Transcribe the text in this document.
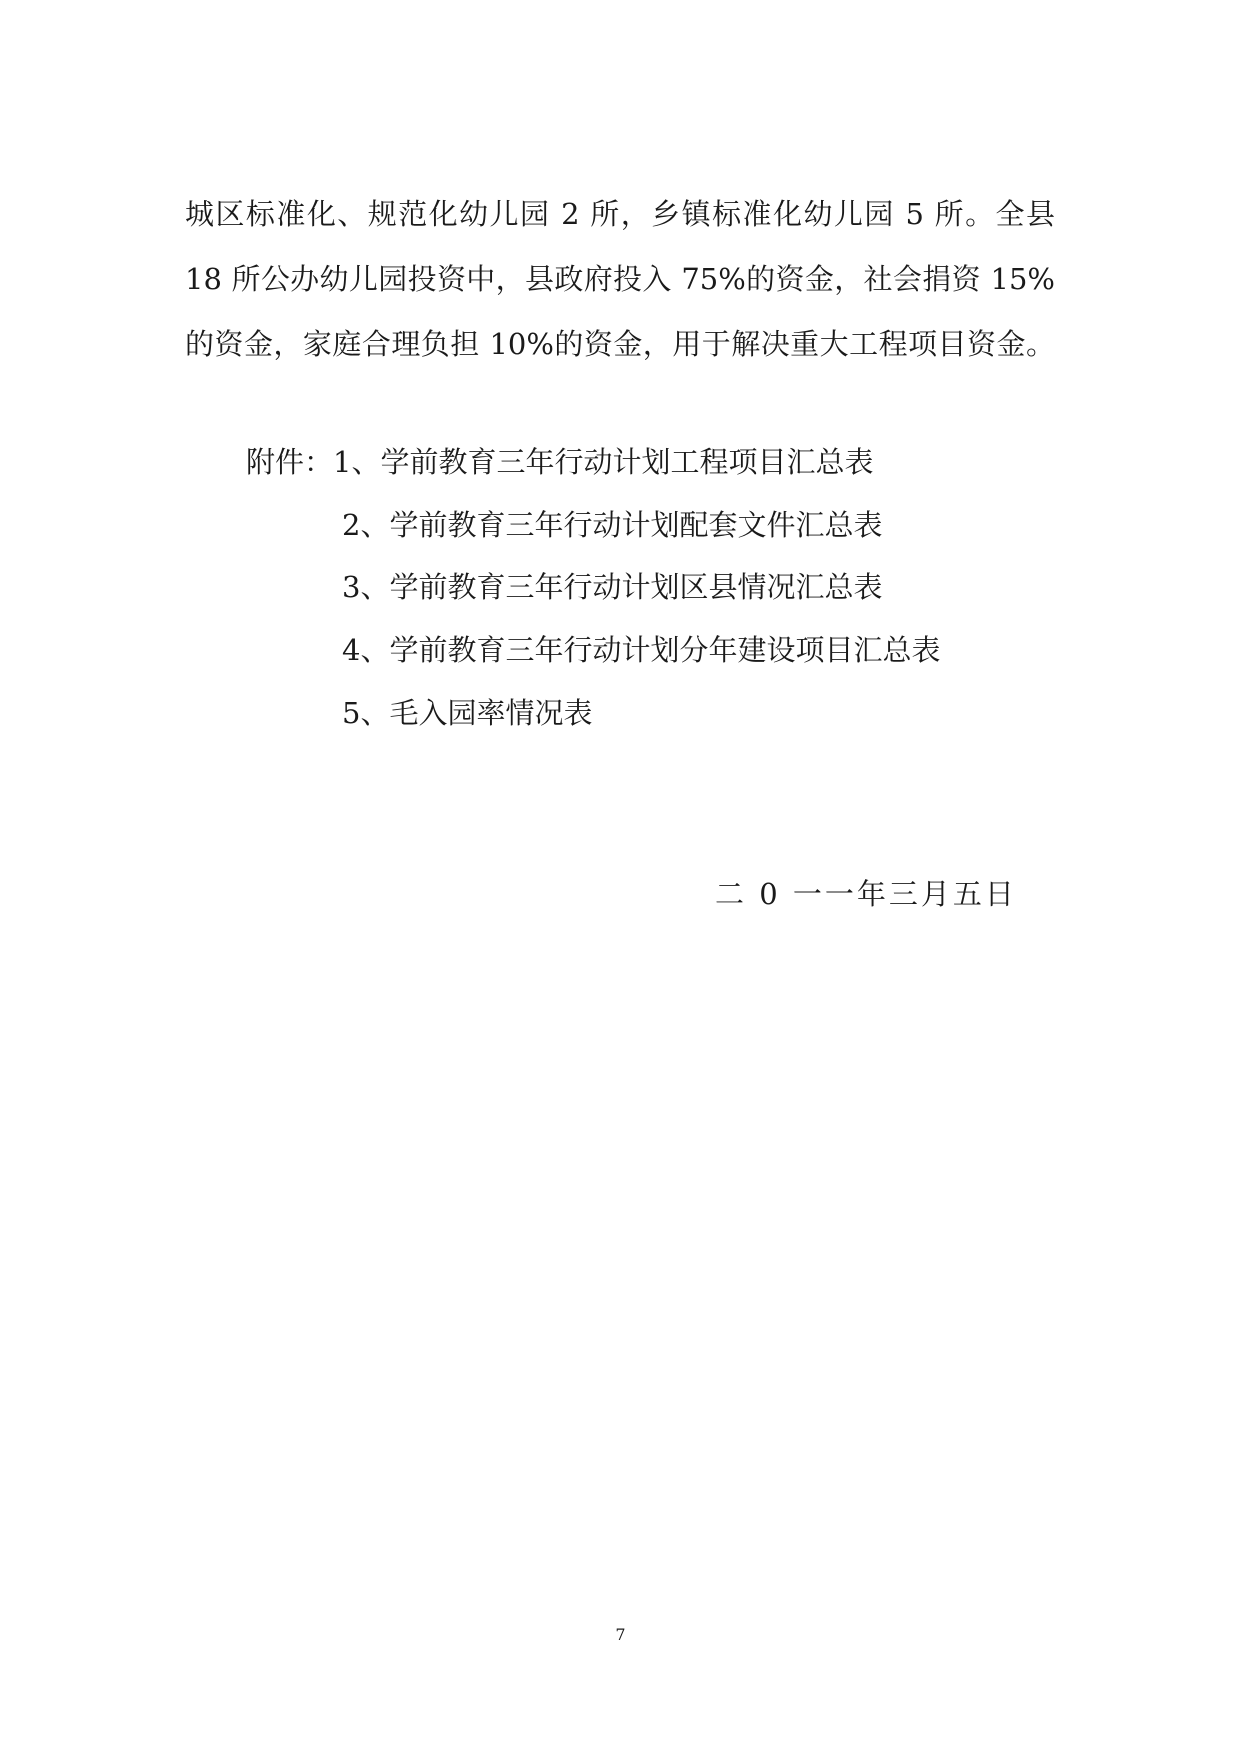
城区标准化、规范化幼儿园 2 所，乡镇标准化幼儿园 5 所。全县
18 所公办幼儿园投资中，县政府投入 75%的资金，社会捐资 15%
的资金，家庭合理负担 10%的资金，用于解决重大工程项目资金。
附件：1、学前教育三年行动计划工程项目汇总表
2、学前教育三年行动计划配套文件汇总表
3、学前教育三年行动计划区县情况汇总表
4、学前教育三年行动计划分年建设项目汇总表
5、毛入园率情况表
二 0 一一年三月五日
7
